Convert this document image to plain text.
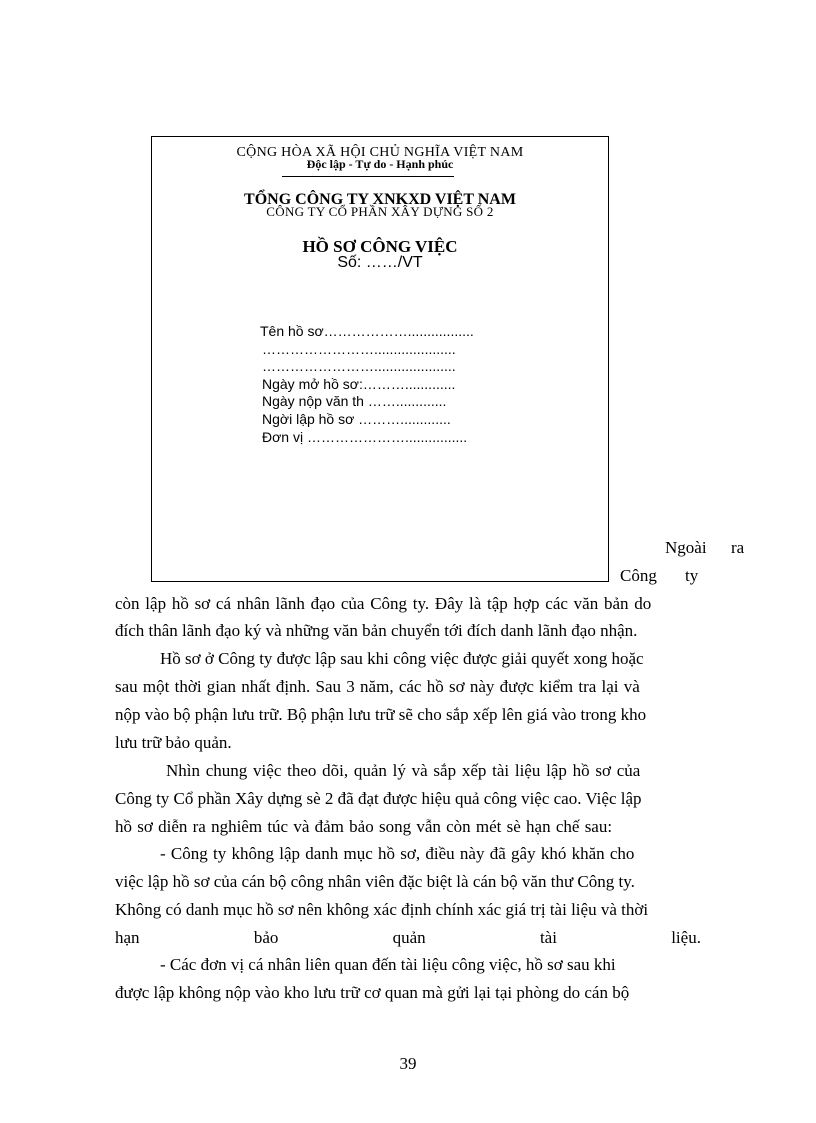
CỘNG HÒA XÃ HỘI CHỦ NGHĨA VIỆT NAM
Độc lập - Tự do - Hạnh phúc
TỔNG CÔNG TY XNKXD VIỆT NAM
CÔNG TY CỔ PHẦN XÂY DỰNG SỐ 2
HỒ SƠ CÔNG VIỆC
Số: ……/VT
Tên hồ sơ……………….................
…………………….....................
…………………….....................
Ngày mở hồ sơ:……….............
Ngày nộp văn th …….............
Ngời lập hồ sơ ……….............
Đơn vị …………………................
Ngoài ra
Công ty
còn lập hồ sơ cá nhân lãnh đạo của Công ty. Đây là tập hợp các văn bản do
đích thân lãnh đạo ký và những văn bản chuyển tới đích danh lãnh đạo nhận.
Hồ sơ ở Công ty được lập sau khi công việc được giải quyết xong hoặc
sau một thời gian nhất định. Sau 3 năm, các hồ sơ này được kiểm tra lại và
nộp vào bộ phận lưu trữ. Bộ phận lưu trữ sẽ cho sắp xếp lên giá vào trong kho
lưu trữ bảo quản.
Nhìn chung việc theo dõi, quản lý và sắp xếp tài liệu lập hồ sơ của
Công ty Cổ phần Xây dựng sè 2 đã đạt được hiệu quả công việc cao. Việc lập
hồ sơ diễn ra nghiêm túc và đảm bảo song vẫn còn mét sè hạn chế sau:
- Công ty không lập danh mục hồ sơ, điều này đã gây khó khăn cho
việc lập hồ sơ của cán bộ công nhân viên đặc biệt là cán bộ văn thư Công ty.
Không có danh mục hồ sơ nên không xác định chính xác giá trị tài liệu và thời
hạn	bảo	quản	tài	liệu.
- Các đơn vị cá nhân liên quan đến tài liệu công việc, hồ sơ sau khi
được lập không nộp vào kho lưu trữ cơ quan mà gửi lại tại phòng do cán bộ
39
